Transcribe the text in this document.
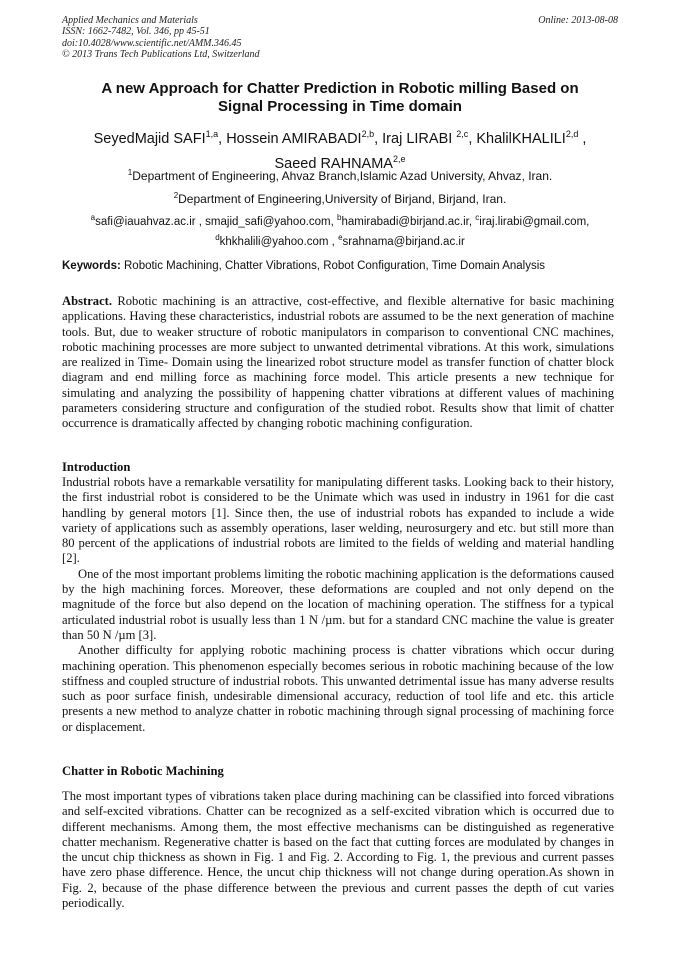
Applied Mechanics and Materials
ISSN: 1662-7482, Vol. 346, pp 45-51
doi:10.4028/www.scientific.net/AMM.346.45
© 2013 Trans Tech Publications Ltd, Switzerland
Online: 2013-08-08
A new Approach for Chatter Prediction in Robotic milling Based on
Signal Processing in Time domain
SeyedMajid SAFI$^{1,a}$, Hossein AMIRABADI$^{2,b}$, Iraj LIRABI $^{2,c}$, KhalilKHALILI$^{2,d}$ ,
Saeed RAHNAMA$^{2,e}$
$^1$Department of Engineering, Ahvaz Branch,Islamic Azad University, Ahvaz, Iran.
$^2$Department of Engineering,University of Birjand, Birjand, Iran.
$^a$safi@iauahvaz.ac.ir , smajid_safi@yahoo.com, $^b$hamirabadi@birjand.ac.ir, $^c$iraj.lirabi@gmail.com,
$^d$khkhalili@yahoo.com , $^e$srahnama@birjand.ac.ir
Keywords: Robotic Machining, Chatter Vibrations, Robot Configuration, Time Domain Analysis

Abstract. Robotic machining is an attractive, cost-effective, and flexible alternative for basic machining applications. Having these characteristics, industrial robots are assumed to be the next generation of machine tools. But, due to weaker structure of robotic manipulators in comparison to conventional CNC machines, robotic machining processes are more subject to unwanted detrimental vibrations. At this work, simulations are realized in Time- Domain using the linearized robot structure model as transfer function of chatter block diagram and end milling force as machining force model. This article presents a new technique for simulating and analyzing the possibility of happening chatter vibrations at different values of machining parameters considering structure and configuration of the studied robot. Results show that limit of chatter occurrence is dramatically affected by changing robotic machining configuration.

Introduction

Industrial robots have a remarkable versatility for manipulating different tasks. Looking back to their history, the first industrial robot is considered to be the Unimate which was used in industry in 1961 for die cast handling by general motors [1]. Since then, the use of industrial robots has expanded to include a wide variety of applications such as assembly operations, laser welding, neurosurgery and etc. but still more than 80 percent of the applications of industrial robots are limited to the fields of welding and material handling [2].

One of the most important problems limiting the robotic machining application is the deformations caused by the high machining forces. Moreover, these deformations are coupled and not only depend on the magnitude of the force but also depend on the location of machining operation. The stiffness for a typical articulated industrial robot is usually less than 1 N /µm. but for a standard CNC machine the value is greater than 50 N /µm [3].

Another difficulty for applying robotic machining process is chatter vibrations which occur during machining operation. This phenomenon especially becomes serious in robotic machining because of the low stiffness and coupled structure of industrial robots. This unwanted detrimental issue has many adverse results such as poor surface finish, undesirable dimensional accuracy, reduction of tool life and etc. this article presents a new method to analyze chatter in robotic machining through signal processing of machining force or displacement.

Chatter in Robotic Machining

The most important types of vibrations taken place during machining can be classified into forced vibrations and self-excited vibrations. Chatter can be recognized as a self-excited vibration which is occurred due to different mechanisms. Among them, the most effective mechanisms can be distinguished as regenerative chatter mechanism. Regenerative chatter is based on the fact that cutting forces are modulated by changes in the uncut chip thickness as shown in Fig. 1 and Fig. 2. According to Fig. 1, the previous and current passes have zero phase difference. Hence, the uncut chip thickness will not change during operation.As shown in Fig. 2, because of the phase difference between the previous and current passes the depth of cut varies periodically.
